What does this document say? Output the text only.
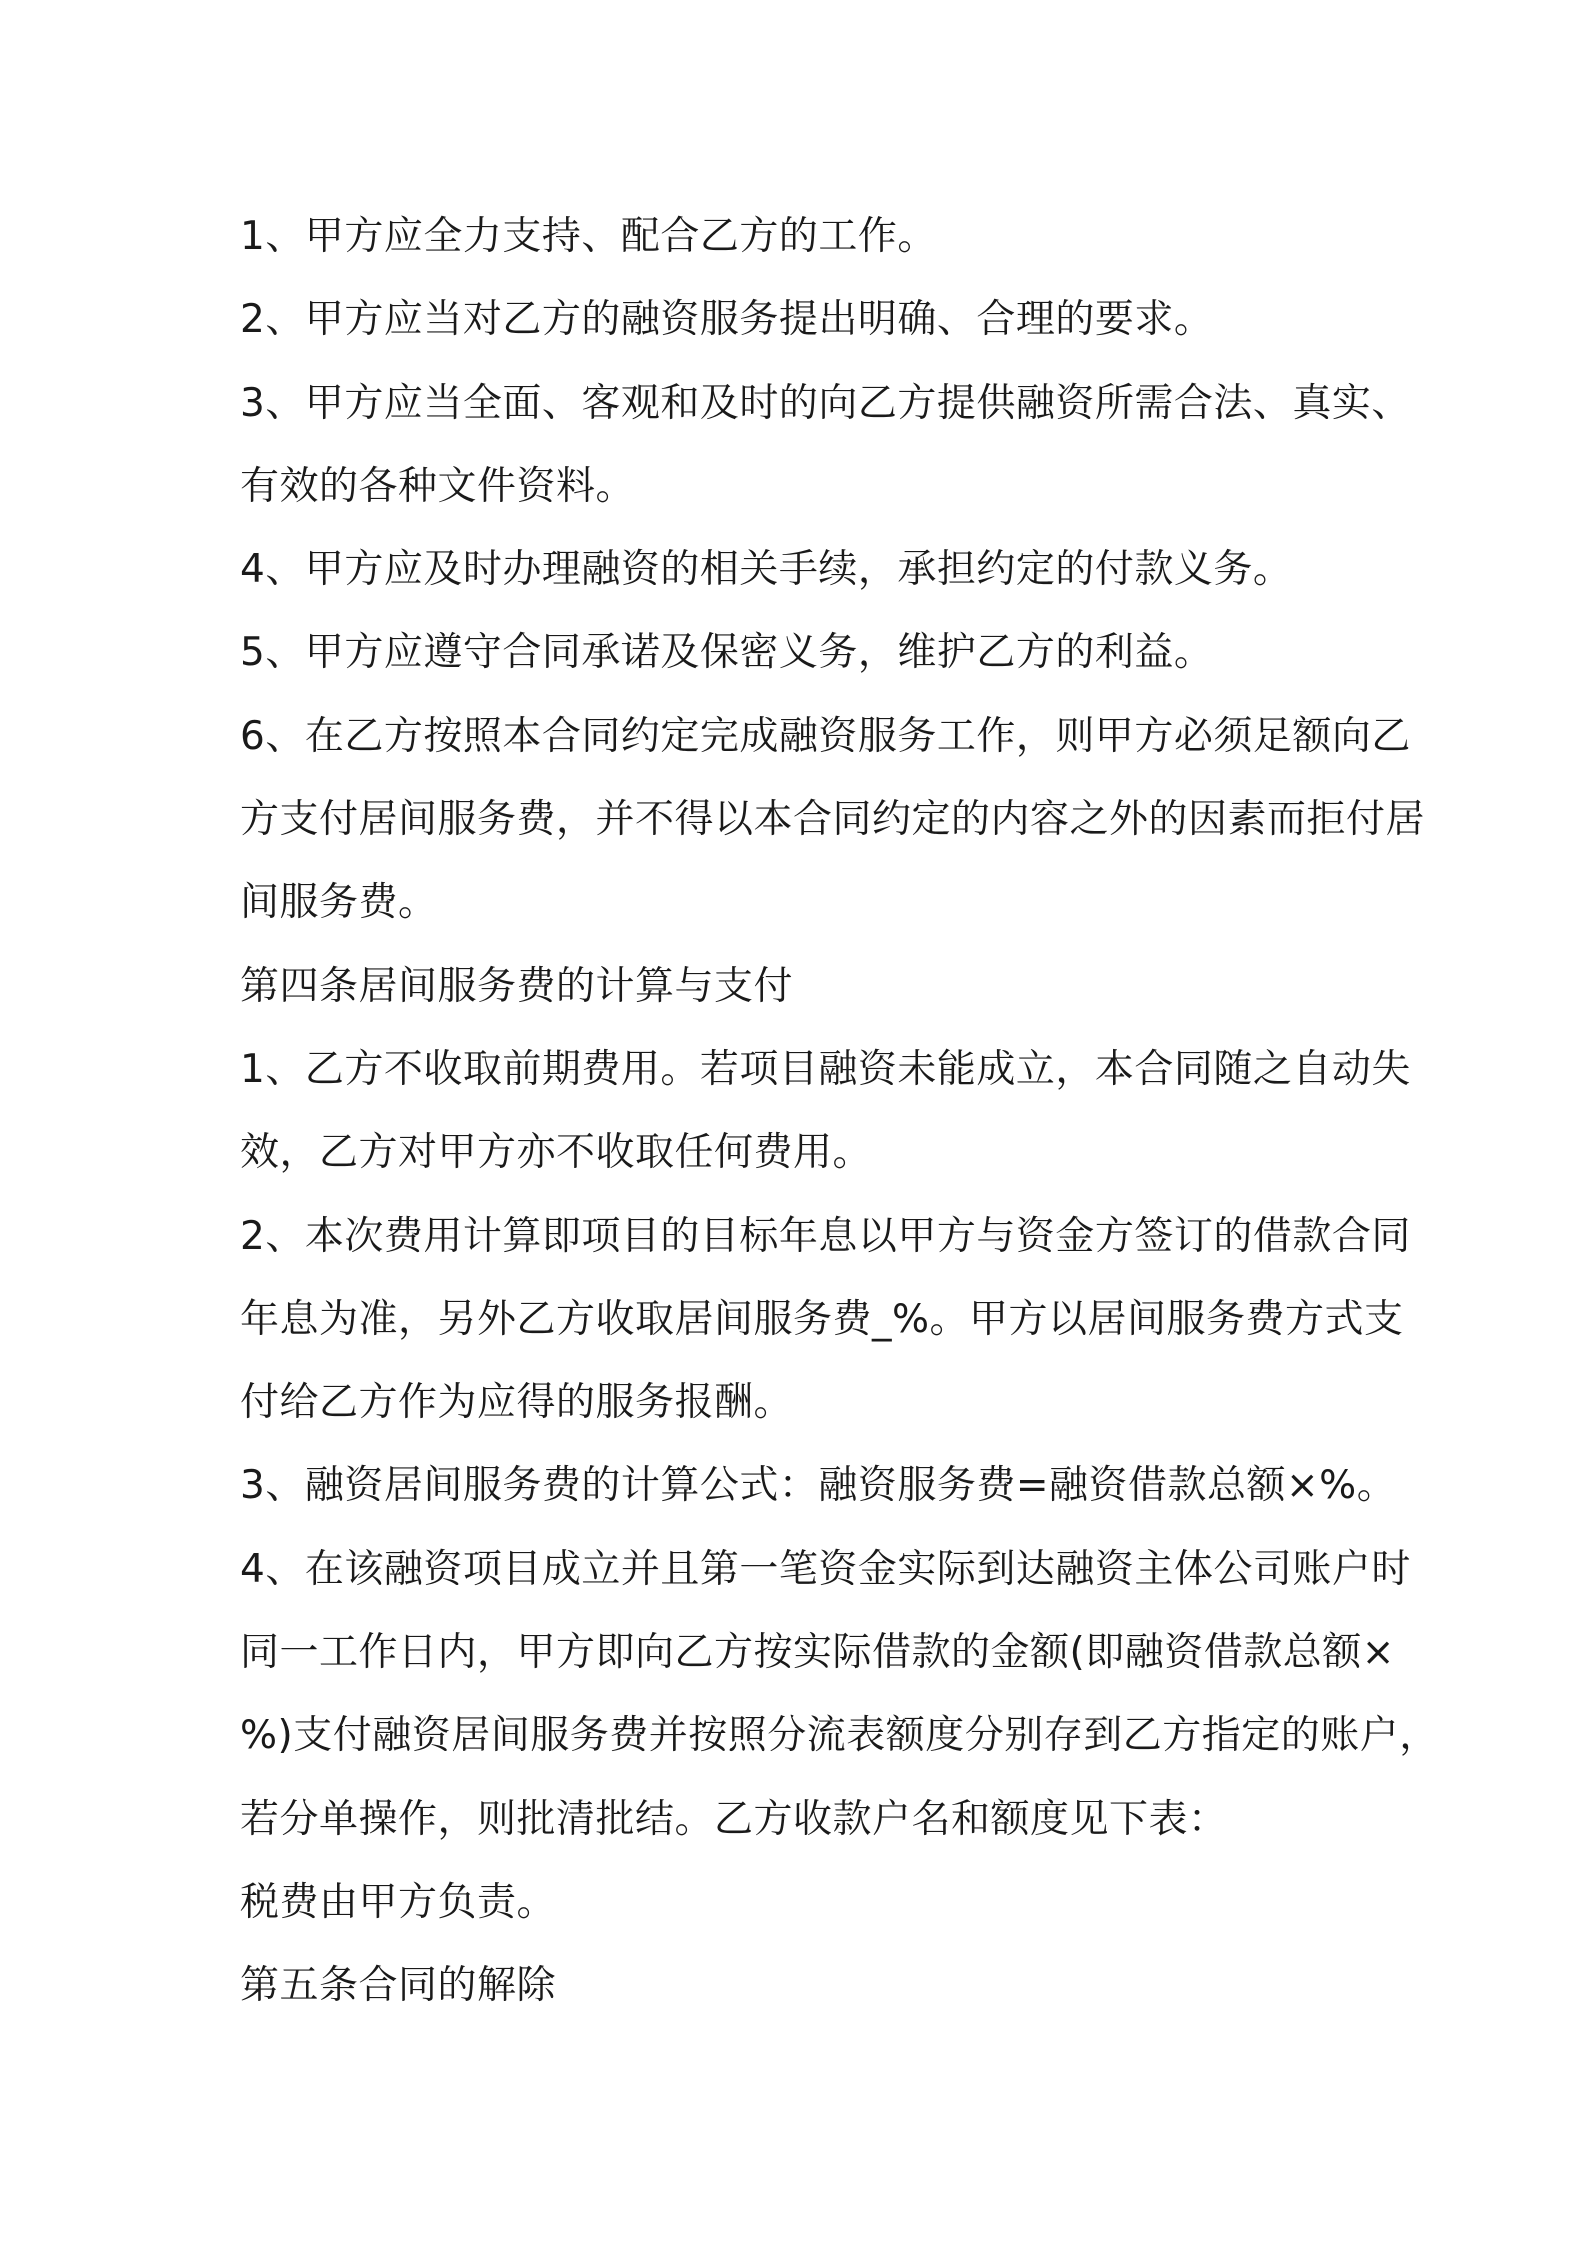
1、甲方应全力支持、配合乙方的工作。
2、甲方应当对乙方的融资服务提出明确、合理的要求。
3、甲方应当全面、客观和及时的向乙方提供融资所需合法、真实、
有效的各种文件资料。
4、甲方应及时办理融资的相关手续，承担约定的付款义务。
5、甲方应遵守合同承诺及保密义务，维护乙方的利益。
6、在乙方按照本合同约定完成融资服务工作，则甲方必须足额向乙
方支付居间服务费，并不得以本合同约定的内容之外的因素而拒付居
间服务费。
第四条居间服务费的计算与支付
1、乙方不收取前期费用。若项目融资未能成立，本合同随之自动失
效，乙方对甲方亦不收取任何费用。
2、本次费用计算即项目的目标年息以甲方与资金方签订的借款合同
年息为准，另外乙方收取居间服务费_%。甲方以居间服务费方式支
付给乙方作为应得的服务报酬。
3、融资居间服务费的计算公式：融资服务费=融资借款总额×%。
4、在该融资项目成立并且第一笔资金实际到达融资主体公司账户时
同一工作日内，甲方即向乙方按实际借款的金额(即融资借款总额×
%)支付融资居间服务费并按照分流表额度分别存到乙方指定的账户，
若分单操作，则批清批结。乙方收款户名和额度见下表：
税费由甲方负责。
第五条合同的解除
